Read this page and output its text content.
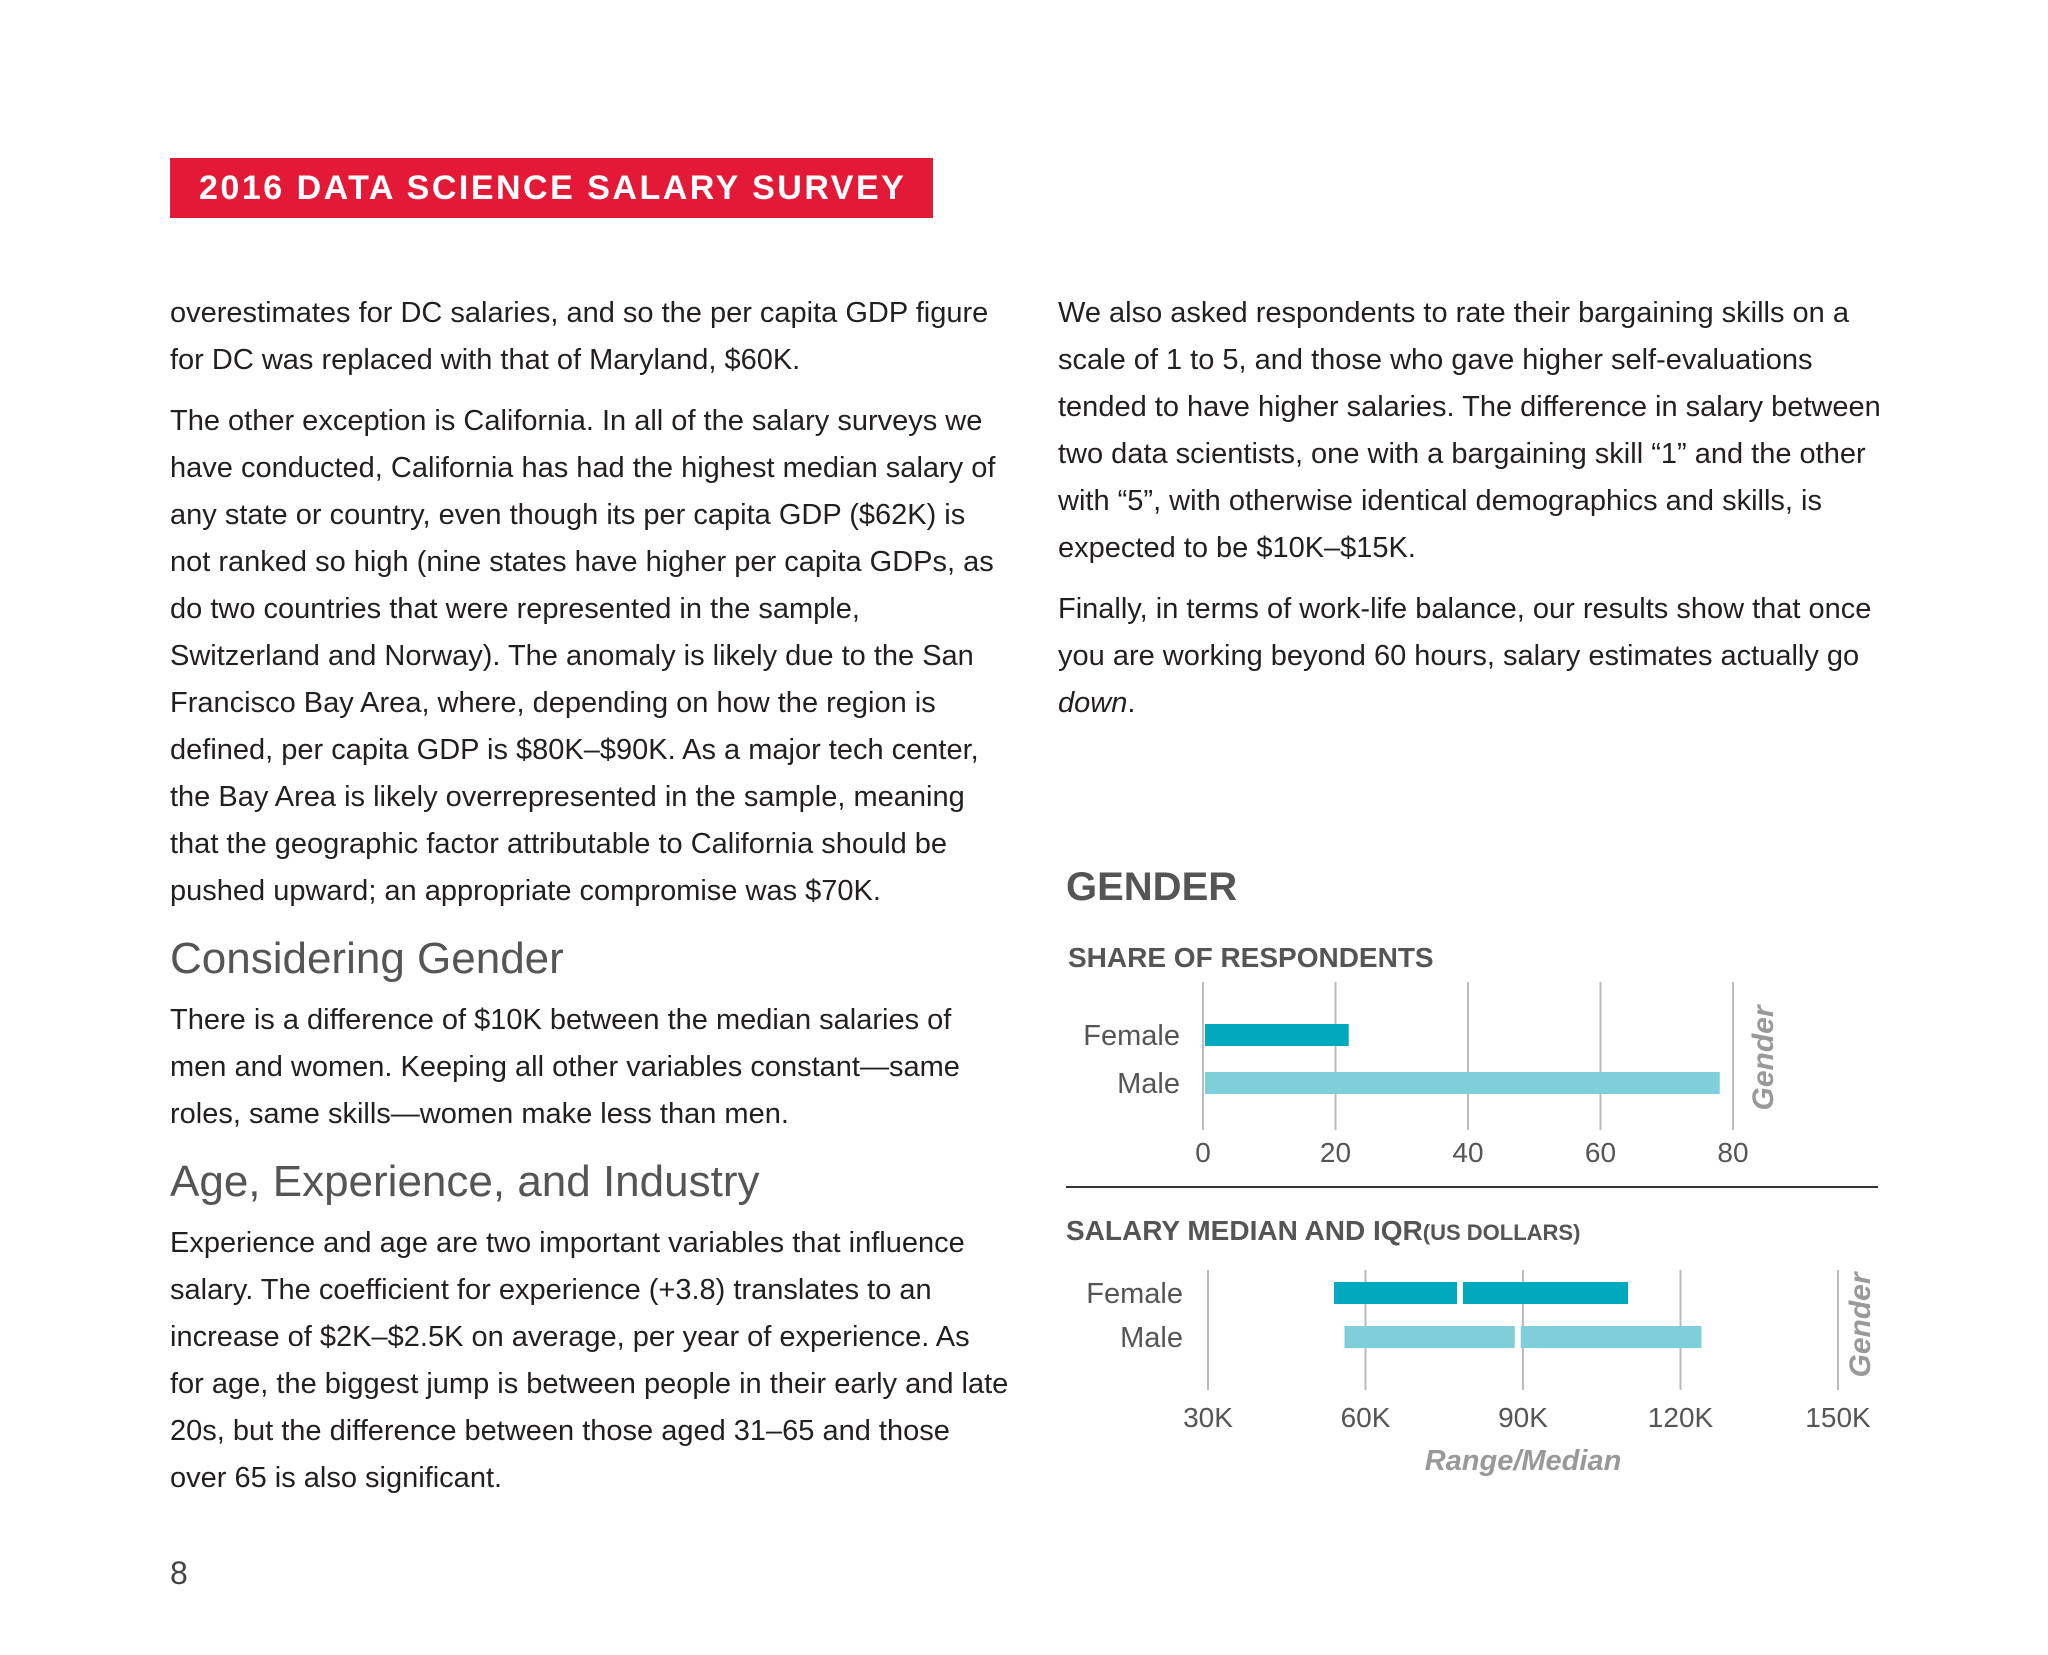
2016 DATA SCIENCE SALARY SURVEY

overestimates for DC salaries, and so the per capita GDP figure for DC was replaced with that of Maryland, $60K.

The other exception is California. In all of the salary surveys we have conducted, California has had the highest median salary of any state or country, even though its per capita GDP ($62K) is not ranked so high (nine states have higher per capita GDPs, as do two countries that were represented in the sample, Switzerland and Norway). The anomaly is likely due to the San Francisco Bay Area, where, depending on how the region is defined, per capita GDP is $80K–$90K. As a major tech center, the Bay Area is likely overrepresented in the sample, meaning that the geographic factor attributable to California should be pushed upward; an appropriate compromise was $70K.

Considering Gender

There is a difference of $10K between the median salaries of men and women. Keeping all other variables constant—same roles, same skills—women make less than men.

Age, Experience, and Industry

Experience and age are two important variables that influence salary. The coefficient for experience (+3.8) translates to an increase of $2K–$2.5K on average, per year of experience. As for age, the biggest jump is between people in their early and late 20s, but the difference between those aged 31–65 and those over 65 is also significant.

We also asked respondents to rate their bargaining skills on a scale of 1 to 5, and those who gave higher self-evaluations tended to have higher salaries. The difference in salary between two data scientists, one with a bargaining skill “1” and the other with “5”, with otherwise identical demographics and skills, is expected to be $10K–$15K.

Finally, in terms of work-life balance, our results show that once you are working beyond 60 hours, salary estimates actually go down.

GENDER
SHARE OF RESPONDENTS
0	20	40	60	80
Female
Male	Gender
SALARY MEDIAN AND IQR(US DOLLARS)
30K	60K	90K	120K	150K
Female
Male
Range/Median
Gender
8
